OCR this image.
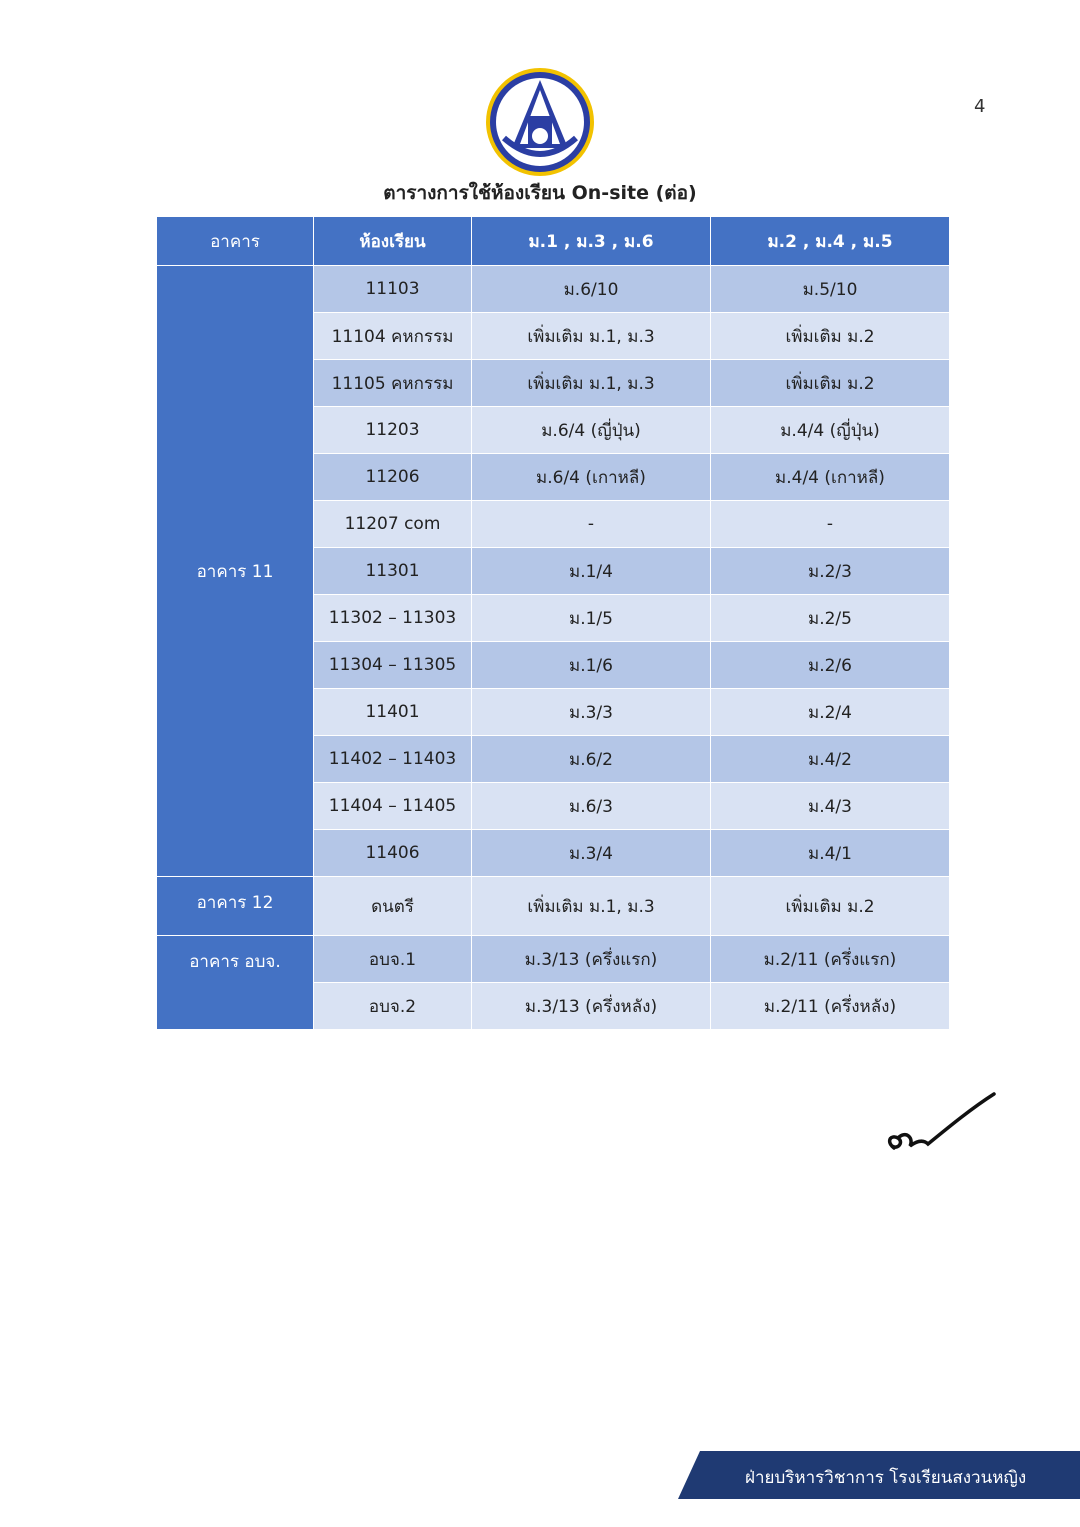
4
ตารางการใช้ห้องเรียน On-site (ต่อ)
อาคาร	ห้องเรียน	ม.1 , ม.3 , ม.6	ม.2 , ม.4 , ม.5
อาคาร 11	11103	ม.6/10	ม.5/10
	11104 คหกรรม	เพิ่มเติม ม.1, ม.3	เพิ่มเติม ม.2
	11105 คหกรรม	เพิ่มเติม ม.1, ม.3	เพิ่มเติม ม.2
	11203	ม.6/4 (ญี่ปุ่น)	ม.4/4 (ญี่ปุ่น)
	11206	ม.6/4 (เกาหลี)	ม.4/4 (เกาหลี)
	11207 com	-	-
	11301	ม.1/4	ม.2/3
	11302 – 11303	ม.1/5	ม.2/5
	11304 – 11305	ม.1/6	ม.2/6
	11401	ม.3/3	ม.2/4
	11402 – 11403	ม.6/2	ม.4/2
	11404 – 11405	ม.6/3	ม.4/3
	11406	ม.3/4	ม.4/1
อาคาร 12	ดนตรี	เพิ่มเติม ม.1, ม.3	เพิ่มเติม ม.2
อาคาร อบจ.	อบจ.1	ม.3/13 (ครึ่งแรก)	ม.2/11 (ครึ่งแรก)
	อบจ.2	ม.3/13 (ครึ่งหลัง)	ม.2/11 (ครึ่งหลัง)
ฝ่ายบริหารวิชาการ โรงเรียนสงวนหญิง
